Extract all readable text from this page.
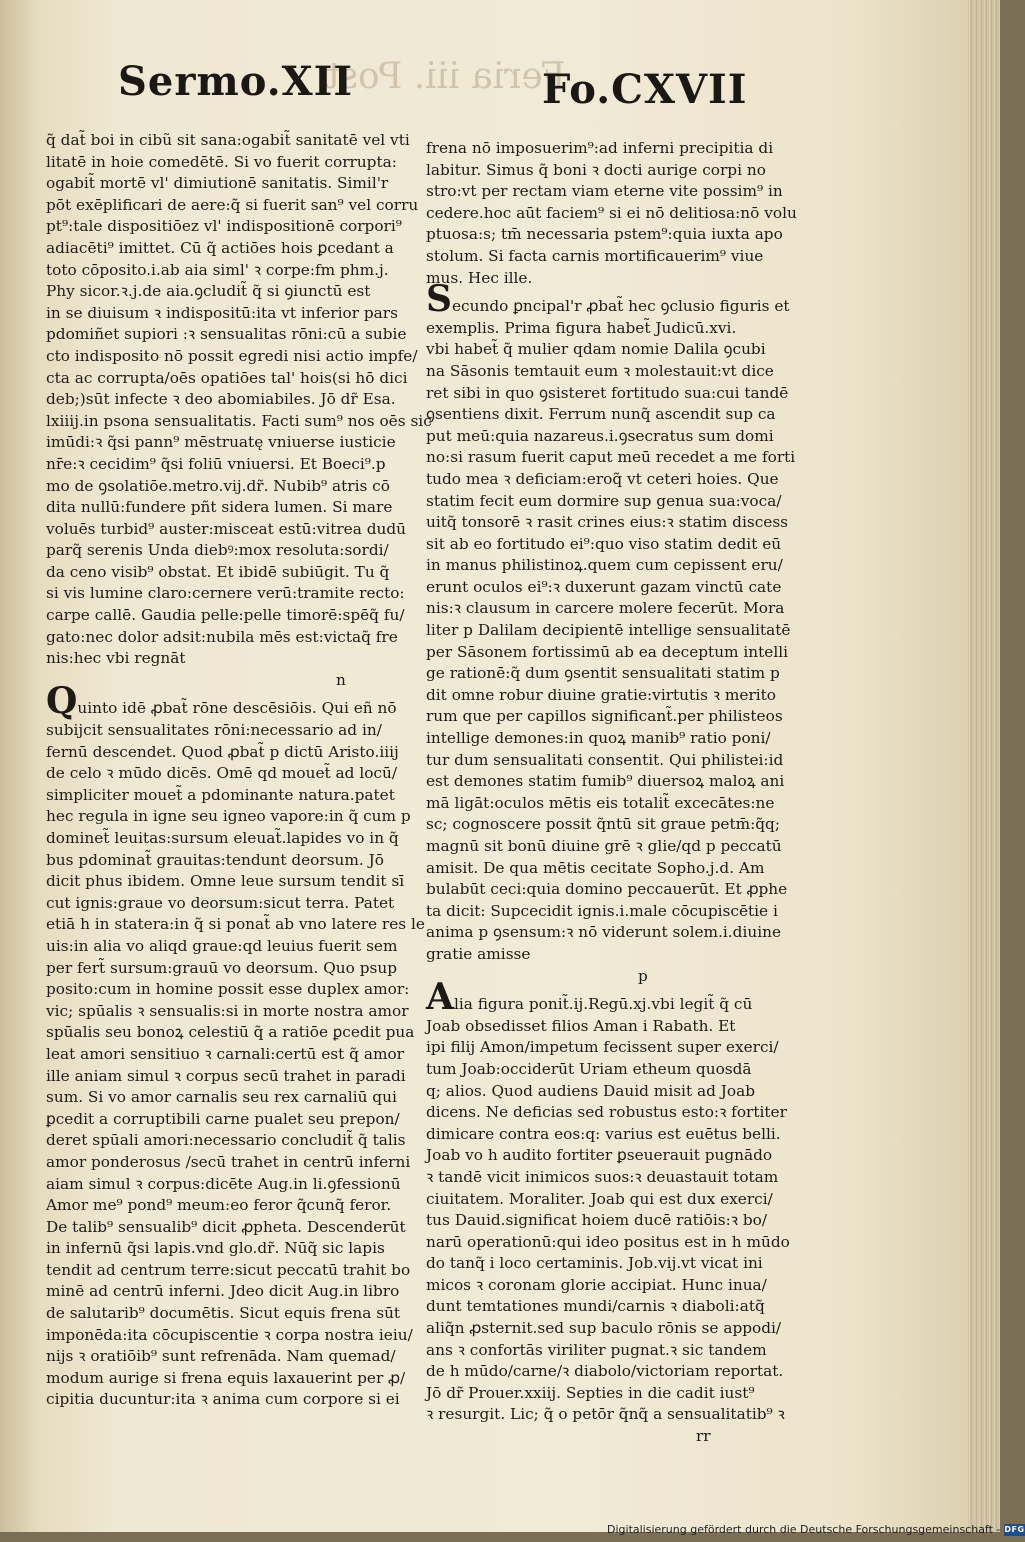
Feria iii. Post
Sermo.XII	Fo.CXVII

q̃ dat̃ boi in cibũ sit sana:ogabit̃ sanitatē vel vti

litatē in hoie comedētē. Si vo fuerit corrupta:

ogabit̃ mortē vl' dimiutionē sanitatis. Simil'r

pōt exēplificari de aere:q̃ si fuerit san⁹ vel corru

pt⁹:tale dispositiōez vl' indispositionē corpori⁹

adiacēti⁹ imittet. Cū q̃ actiōes hois ꝑcedant a

toto cōposito.i.ab aia siml' ꝛ corpe:fm phm.j.

Phy sicor.ꝛ.j.de aia.ꝯcludit̃ q̃ si ꝯiunctū est

in se diuisum ꝛ indispositū:ita vt inferior pars

pdomiñet supiori :ꝛ sensualitas rōni:cū a subie

cto indisposito nō possit egredi nisi actio impfe/

cta ac corrupta/oēs opatiōes tal' hois(si hō dici

deb;)sūt infecte ꝛ deo abomiabiles. Jō dr̃ Esa.

lxiiij.in psona sensualitatis. Facti sum⁹ nos oēs sic

imūdi:ꝛ q̃si pann⁹ mēstruatę vniuerse iusticie

nr̄e:ꝛ cecidim⁹ q̃si foliū vniuersi. Et Boeci⁹.p

mo de ꝯsolatiōe.metro.vij.dr̃. Nubib⁹ atris cō

dita nullū:fundere pñt sidera lumen. Si mare

voluēs turbid⁹ auster:misceat estū:vitrea dudū

parq̃ serenis Unda diebꝰ:mox resoluta:sordi/

da ceno visib⁹ obstat. Et ibidē subiūgit. Tu q̃

si vis lumine claro:cernere verū:tramite recto:

carpe callē. Gaudia pelle:pelle timorē:spēq̃ fu/

gato:nec dolor adsit:nubila mēs est:victaq̃ fre

nis:hec vbi regnāt

n

Quinto idē ꝓbat̃ rōne descēsiōis. Qui eñ nō

subijcit sensualitates rōni:necessario ad in/

fernū descendet. Quod ꝓbat̃ p dictū Aristo.iiij

de celo ꝛ mūdo dicēs. Omē qd mouet̃ ad locū/

simpliciter mouet̃ a pdominante natura.patet

hec regula in igne seu igneo vapore:in q̃ cum p

dominet̃ leuitas:sursum eleuat̃.lapides vo in q̃

bus pdominat̃ grauitas:tendunt deorsum. Jō

dicit phus ibidem. Omne leue sursum tendit sī

cut ignis:graue vo deorsum:sicut terra. Patet

etiā h in statera:in q̃ si ponat̃ ab vno latere res le

uis:in alia vo aliqd graue:qd leuius fuerit sem

per fert̃ sursum:grauū vo deorsum. Quo psup

posito:cum in homine possit esse duplex amor:

vic; spūalis ꝛ sensualis:si in morte nostra amor

spūalis seu bonoꝝ celestiū q̃ a ratiōe ꝑcedit pua

leat amori sensitiuo ꝛ carnali:certū est q̃ amor

ille aniam simul ꝛ corpus secū trahet in paradi

sum. Si vo amor carnalis seu rex carnaliū qui

ꝑcedit a corruptibili carne pualet seu prepon/

deret spūali amori:necessario concludit̃ q̃ talis

amor ponderosus /secū trahet in centrū inferni

aiam simul ꝛ corpus:dicēte Aug.in li.ꝯfessionū

Amor me⁹ pond⁹ meum:eo feror q̃cunq̃ feror.

De talib⁹ sensualib⁹ dicit ꝓpheta. Descenderūt

in infernū q̃si lapis.vnd glo.dr̃. Nūq̃ sic lapis

tendit ad centrum terre:sicut peccatū trahit bo

minē ad centrū inferni. Jdeo dicit Aug.in libro

de salutarib⁹ documētis. Sicut equis frena sūt

imponēda:ita cōcupiscentie ꝛ corpa nostra ieiu/

nijs ꝛ oratiōib⁹ sunt refrenāda. Nam quemad/

modum aurige si frena equis laxauerint per ꝓ/

cipitia ducuntur:ita ꝛ anima cum corpore si ei

frena nō imposuerim⁹:ad inferni precipitia di

labitur. Simus q̃ boni ꝛ docti aurige corpi no

stro:vt per rectam viam eterne vite possim⁹ in

cedere.hoc aūt faciem⁹ si ei nō delitiosa:nō volu

ptuosa:s; tm̄ necessaria pstem⁹:quia iuxta apo

stolum. Si facta carnis mortificauerim⁹ viue

mus. Hec ille.

Secundo ꝑncipal'r ꝓbat̃ hec ꝯclusio figuris et

exemplis. Prima figura habet̃ Judicū.xvi.

vbi habet̃ q̃ mulier qdam nomie Dalila ꝯcubi

na Sāsonis temtauit eum ꝛ molestauit:vt dice

ret sibi in quo ꝯsisteret fortitudo sua:cui tandē

ꝯsentiens dixit. Ferrum nunq̃ ascendit sup ca

put meū:quia nazareus.i.ꝯsecratus sum domi

no:si rasum fuerit caput meū recedet a me forti

tudo mea ꝛ deficiam:eroq̃ vt ceteri hoies. Que

statim fecit eum dormire sup genua sua:voca/

uitq̃ tonsorē ꝛ rasit crines eius:ꝛ statim discess

sit ab eo fortitudo ei⁹:quo viso statim dedit eū

in manus philistinoꝝ.quem cum cepissent eru/

erunt oculos ei⁹:ꝛ duxerunt gazam vinctū cate

nis:ꝛ clausum in carcere molere fecerūt. Mora

liter p Dalilam decipientē intellige sensualitatē

per Sāsonem fortissimū ab ea deceptum intelli

ge rationē:q̃ dum ꝯsentit sensualitati statim p

dit omne robur diuine gratie:virtutis ꝛ merito

rum que per capillos significant̃.per philisteos

intellige demones:in quoꝝ manib⁹ ratio poni/

tur dum sensualitati consentit. Qui philistei:id

est demones statim fumib⁹ diuersoꝝ maloꝝ ani

mā ligāt:oculos mētis eis totalit̃ excecātes:ne

sc; cognoscere possit q̃ntū sit graue petm̄:q̃q;

magnū sit bonū diuine grē ꝛ glie/qd p peccatū

amisit. De qua mētis cecitate Sopho.j.d. Am

bulabūt ceci:quia domino peccauerūt. Et ꝓphe

ta dicit: Supcecidit ignis.i.male cōcupiscētie i

anima p ꝯsensum:ꝛ nō viderunt solem.i.diuine

gratie amisse

p

Alia figura ponit̃.ij.Regū.xj.vbi legit̃ q̃ cū

Joab obsedisset filios Aman i Rabath. Et

ipi filij Amon/impetum fecissent super exerci/

tum Joab:occiderūt Uriam etheum quosdā

q; alios. Quod audiens Dauid misit ad Joab

dicens. Ne deficias sed robustus esto:ꝛ fortiter

dimicare contra eos:q: varius est euētus belli.

Joab vo h audito fortiter ꝑseuerauit pugnādo

ꝛ tandē vicit inimicos suos:ꝛ deuastauit totam

ciuitatem. Moraliter. Joab qui est dux exerci/

tus Dauid.significat hoiem ducē ratiōis:ꝛ bo/

narū operationū:qui ideo positus est in h mūdo

do tanq̃ i loco certaminis. Job.vij.vt vicat ini

micos ꝛ coronam glorie accipiat. Hunc inua/

dunt temtationes mundi/carnis ꝛ diaboli:atq̃

aliq̃n ꝓsternit.sed sup baculo rōnis se appodi/

ans ꝛ confortās viriliter pugnat.ꝛ sic tandem

de h mūdo/carne/ꝛ diabolo/victoriam reportat.

Jō dr̃ Prouer.xxiij. Septies in die cadit iust⁹

ꝛ resurgit. Lic; q̃ o petōr q̃nq̃ a sensualitatib⁹ ꝛ

rr

Digitalisierung gefördert durch die Deutsche Forschungsgemeinschaft - DFG
